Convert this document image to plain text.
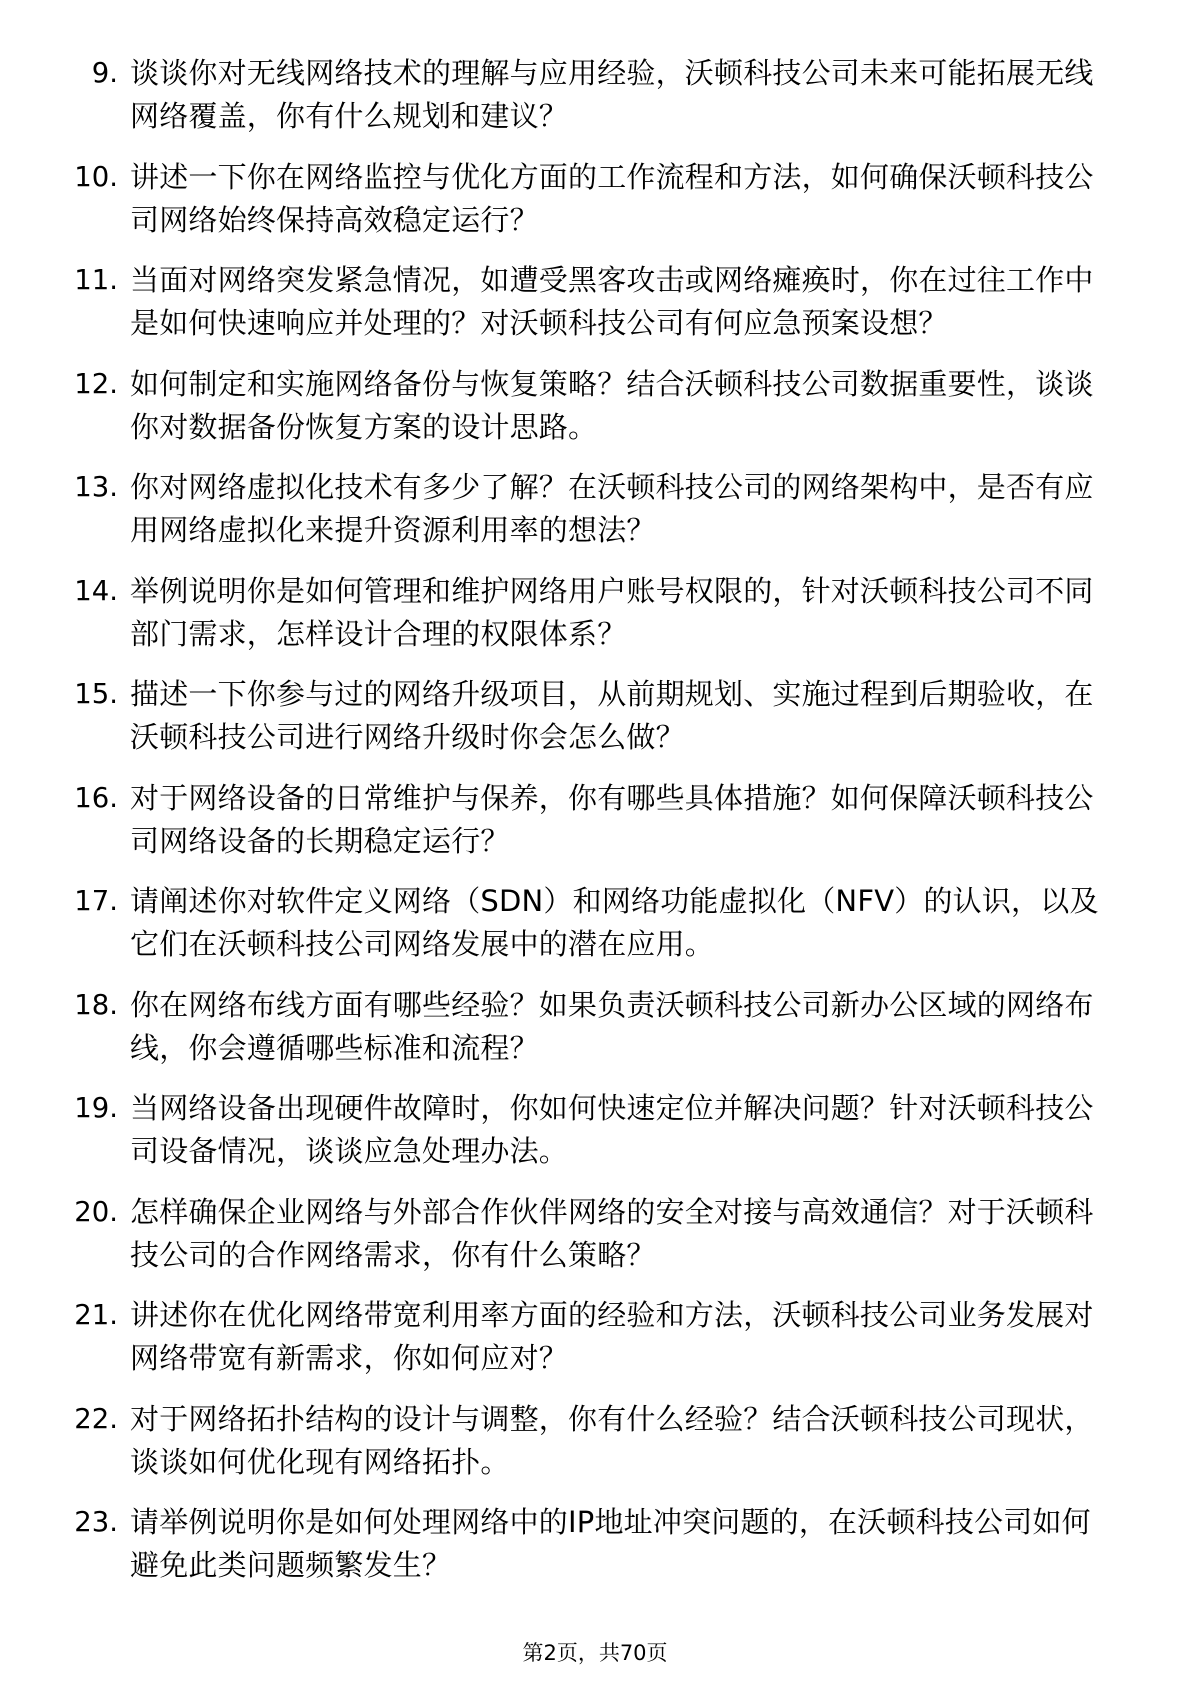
9. 谈谈你对无线网络技术的理解与应用经验，沃顿科技公司未来可能拓展无线网络覆盖，你有什么规划和建议？
10. 讲述一下你在网络监控与优化方面的工作流程和方法，如何确保沃顿科技公司网络始终保持高效稳定运行？
11. 当面对网络突发紧急情况，如遭受黑客攻击或网络瘫痪时，你在过往工作中是如何快速响应并处理的？对沃顿科技公司有何应急预案设想？
12. 如何制定和实施网络备份与恢复策略？结合沃顿科技公司数据重要性，谈谈你对数据备份恢复方案的设计思路。
13. 你对网络虚拟化技术有多少了解？在沃顿科技公司的网络架构中，是否有应用网络虚拟化来提升资源利用率的想法？
14. 举例说明你是如何管理和维护网络用户账号权限的，针对沃顿科技公司不同部门需求，怎样设计合理的权限体系？
15. 描述一下你参与过的网络升级项目，从前期规划、实施过程到后期验收，在沃顿科技公司进行网络升级时你会怎么做？
16. 对于网络设备的日常维护与保养，你有哪些具体措施？如何保障沃顿科技公司网络设备的长期稳定运行？
17. 请阐述你对软件定义网络（SDN）和网络功能虚拟化（NFV）的认识，以及它们在沃顿科技公司网络发展中的潜在应用。
18. 你在网络布线方面有哪些经验？如果负责沃顿科技公司新办公区域的网络布线，你会遵循哪些标准和流程？
19. 当网络设备出现硬件故障时，你如何快速定位并解决问题？针对沃顿科技公司设备情况，谈谈应急处理办法。
20. 怎样确保企业网络与外部合作伙伴网络的安全对接与高效通信？对于沃顿科技公司的合作网络需求，你有什么策略？
21. 讲述你在优化网络带宽利用率方面的经验和方法，沃顿科技公司业务发展对网络带宽有新需求，你如何应对？
22. 对于网络拓扑结构的设计与调整，你有什么经验？结合沃顿科技公司现状，谈谈如何优化现有网络拓扑。
23. 请举例说明你是如何处理网络中的IP地址冲突问题的，在沃顿科技公司如何避免此类问题频繁发生？
第2页，共70页
